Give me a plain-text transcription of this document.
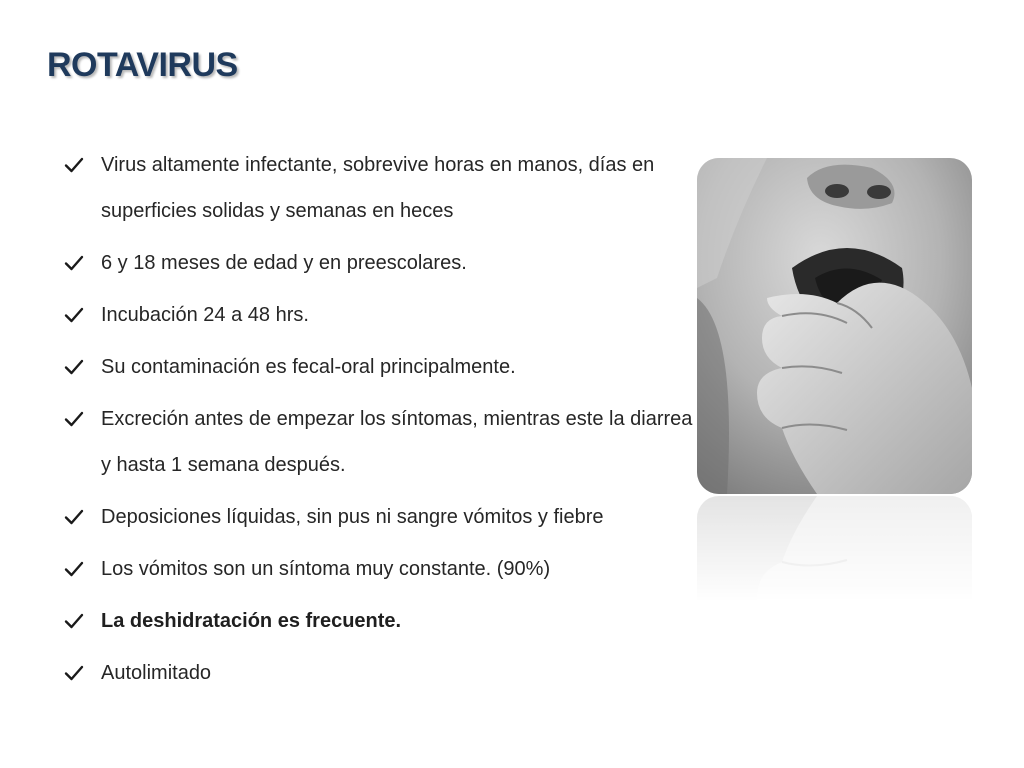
ROTAVIRUS
Virus altamente infectante, sobrevive horas en manos, días en superficies solidas y semanas en heces
6 y 18 meses de edad y en preescolares.
Incubación 24 a 48 hrs.
Su contaminación es fecal-oral principalmente.
Excreción antes de empezar los síntomas, mientras este la diarrea y hasta 1 semana después.
Deposiciones líquidas, sin pus ni sangre vómitos y fiebre
Los vómitos son un síntoma muy constante. (90%)
La deshidratación es frecuente.
Autolimitado
